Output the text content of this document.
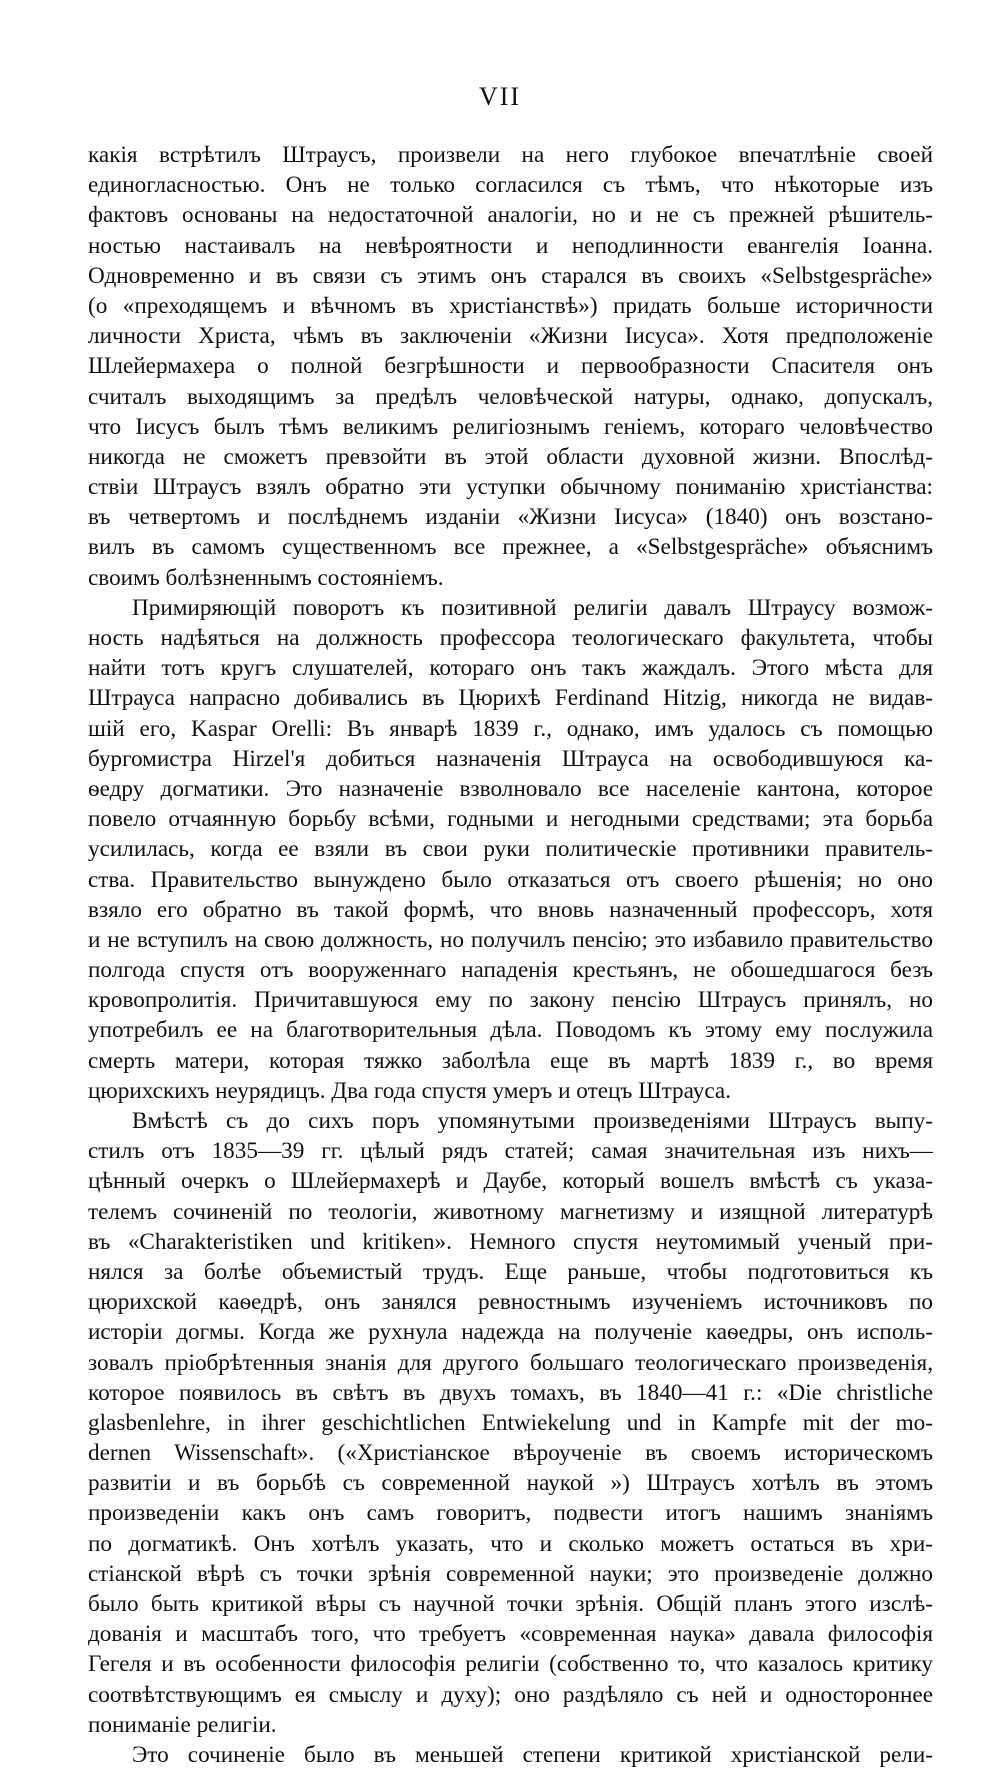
VII
какія встрѣтилъ Штраусъ, произвели на него глубокое впечатлѣніе своей
единогласностью. Онъ не только согласился съ тѣмъ, что нѣкоторые изъ
фактовъ основаны на недостаточной аналогіи, но и не съ прежней рѣшитель-
ностью настаивалъ на невѣроятности и неподлинности евангелія Іоанна.
Одновременно и въ связи съ этимъ онъ старался въ своихъ «Selbstgespräche»
(о «преходящемъ и вѣчномъ въ христіанствѣ») придать больше историчности
личности Христа, чѣмъ въ заключеніи «Жизни Іисуса». Хотя предположеніе
Шлейермахера о полной безгрѣшности и первообразности Спасителя онъ
считалъ выходящимъ за предѣлъ человѣческой натуры, однако, допускалъ,
что Іисусъ былъ тѣмъ великимъ религіознымъ геніемъ, котораго человѣчество
никогда не сможетъ превзойти въ этой области духовной жизни. Впослѣд-
ствіи Штраусъ взялъ обратно эти уступки обычному пониманію христіанства:
въ четвертомъ и послѣднемъ изданіи «Жизни Іисуса» (1840) онъ возстано-
вилъ въ самомъ существенномъ все прежнее, а «Selbstgespräche» объяснимъ
своимъ болѣзненнымъ состояніемъ.
Примиряющій поворотъ къ позитивной религіи давалъ Штраусу возмож-
ность надѣяться на должность профессора теологическаго факультета, чтобы
найти тотъ кругъ слушателей, котораго онъ такъ жаждалъ. Этого мѣста для
Штрауса напрасно добивались въ Цюрихѣ Ferdinand Hitzig, никогда не видав-
шій его, Kaspar Orelli: Въ январѣ 1839 г., однако, имъ удалось съ помощью
бургомистра Hirzel'я добиться назначенія Штрауса на освободившуюся ка-
ѳедру догматики. Это назначеніе взволновало все населеніе кантона, которое
повело отчаянную борьбу всѣми, годными и негодными средствами; эта борьба
усилилась, когда ее взяли въ свои руки политическіе противники правитель-
ства. Правительство вынуждено было отказаться отъ своего рѣшенія; но оно
взяло его обратно въ такой формѣ, что вновь назначенный профессоръ, хотя
и не вступилъ на свою должность, но получилъ пенсію; это избавило правительство
полгода спустя отъ вооруженнаго нападенія крестьянъ, не обошедшагося безъ
кровопролитія. Причитавшуюся ему по закону пенсію Штраусъ принялъ, но
употребилъ ее на благотворительныя дѣла. Поводомъ къ этому ему послужила
смерть матери, которая тяжко заболѣла еще въ мартѣ 1839 г., во время
цюрихскихъ неурядицъ. Два года спустя умеръ и отецъ Штрауса.
Вмѣстѣ съ до сихъ поръ упомянутыми произведеніями Штраусъ выпу-
стилъ отъ 1835—39 гг. цѣлый рядъ статей; самая значительная изъ нихъ—
цѣнный очеркъ о Шлейермахерѣ и Даубе, который вошелъ вмѣстѣ съ указа-
телемъ сочиненій по теологіи, животному магнетизму и изящной литературѣ
въ «Charakteristiken und kritiken». Немного спустя неутомимый ученый при-
нялся за болѣе объемистый трудъ. Еще раньше, чтобы подготовиться къ
цюрихской каѳедрѣ, онъ занялся ревностнымъ изученіемъ источниковъ по
исторіи догмы. Когда же рухнула надежда на полученіе каѳедры, онъ исполь-
зовалъ пріобрѣтенныя знанія для другого большаго теологическаго произведенія,
которое появилось въ свѣтъ въ двухъ томахъ, въ 1840—41 г.: «Die christliche
glasbenlehre, in ihrer geschichtlichen Entwiekelung und in Kampfe mit der mo-
dernen Wissenschaft». («Христіанское вѣроученіе въ своемъ историческомъ
развитіи и въ борьбѣ съ современной наукой ») Штраусъ хотѣлъ въ этомъ
произведеніи какъ онъ самъ говоритъ, подвести итогъ нашимъ знаніямъ
по догматикѣ. Онъ хотѣлъ указать, что и сколько можетъ остаться въ хри-
стіанской вѣрѣ съ точки зрѣнія современной науки; это произведеніе должно
было быть критикой вѣры съ научной точки зрѣнія. Общій планъ этого изслѣ-
дованія и масштабъ того, что требуетъ «современная наука» давала философія
Гегеля и въ особенности философія религіи (собственно то, что казалось критику
соотвѣтствующимъ ея смыслу и духу); оно раздѣляло съ ней и одностороннее
пониманіе религіи.
Это сочиненіе было въ меньшей степени критикой христіанской рели-
